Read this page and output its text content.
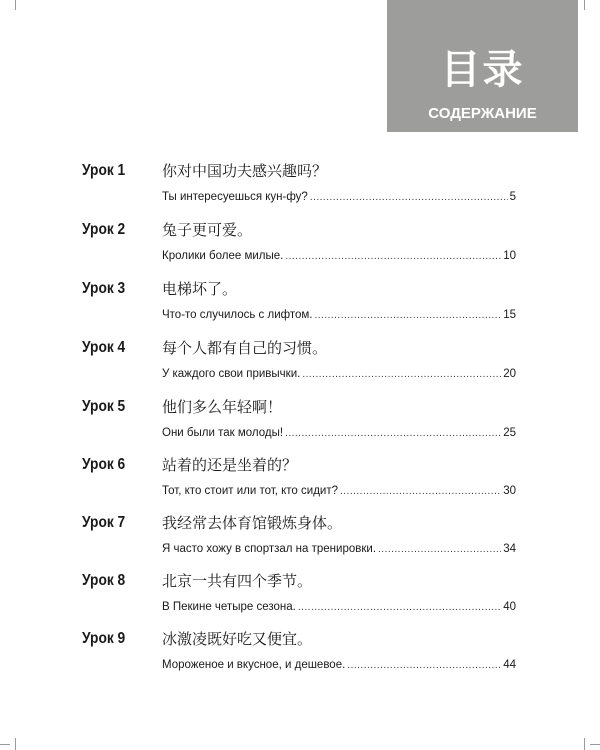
目录
СОДЕРЖАНИЕ
Урок 1 你对中国功夫感兴趣吗？
Ты интересуешься кун-фу? .....	5
Урок 2 兔子更可爱。
Кролики более милые. .....	10
Урок 3 电梯坏了。
Что-то случилось с лифтом. .....	15
Урок 4 每个人都有自己的习惯。
У каждого свои привычки. .....	20
Урок 5 他们多么年轻啊！
Они были так молоды! .....	25
Урок 6 站着的还是坐着的？
Тот, кто стоит или тот, кто сидит? .....	30
Урок 7 我经常去体育馆锻炼身体。
Я часто хожу в спортзал на тренировки. .....	34
Урок 8 北京一共有四个季节。
В Пекине четыре сезона. .....	40
Урок 9 冰激凌既好吃又便宜。
Мороженое и вкусное, и дешевое. .....	44
